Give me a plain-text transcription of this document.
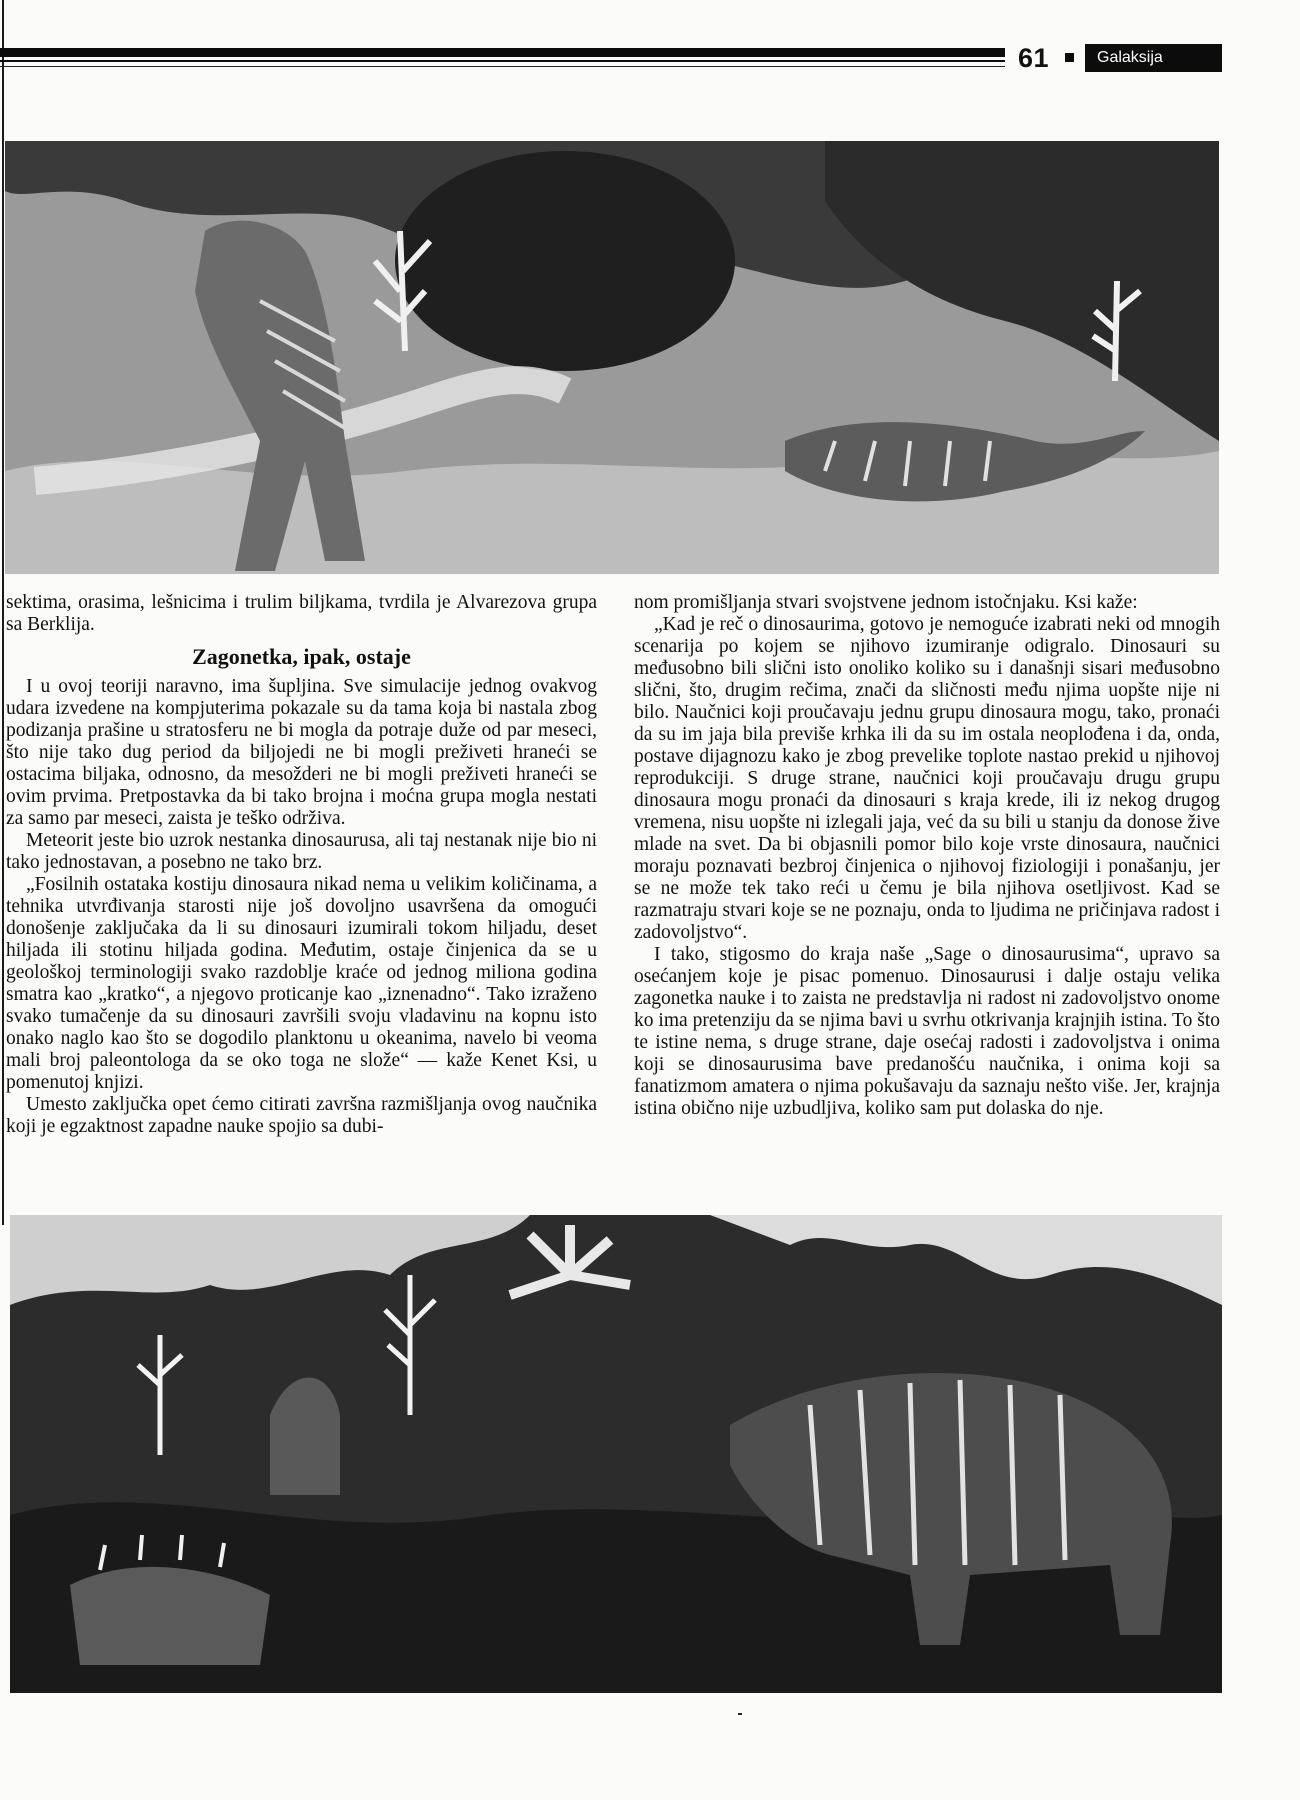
61	Galaksija

sektima, orasima, lešnicima i trulim biljkama, tvrdila je Alvarezova grupa sa Berklija.

Zagonetka, ipak, ostaje

I u ovoj teoriji naravno, ima šupljina. Sve simulacije jednog ovakvog udara izvedene na kompjuterima pokazale su da tama koja bi nastala zbog podizanja prašine u stratosferu ne bi mogla da potraje duže od par meseci, što nije tako dug period da biljojedi ne bi mogli preživeti hraneći se ostacima biljaka, odnosno, da mesožderi ne bi mogli preživeti hraneći se ovim prvima. Pretpostavka da bi tako brojna i moćna grupa mogla nestati za samo par meseci, zaista je teško održiva.

Meteorit jeste bio uzrok nestanka dinosaurusa, ali taj nestanak nije bio ni tako jednostavan, a posebno ne tako brz.

„Fosilnih ostataka kostiju dinosaura nikad nema u velikim količinama, a tehnika utvrđivanja starosti nije još dovoljno usavršena da omogući donošenje zaključaka da li su dinosauri izumirali tokom hiljadu, deset hiljada ili stotinu hiljada godina. Međutim, ostaje činjenica da se u geološkoj terminologiji svako razdoblje kraće od jednog miliona godina smatra kao „kratko“, a njegovo proticanje kao „iznenadno“. Tako izraženo svako tumačenje da su dinosauri završili svoju vladavinu na kopnu isto onako naglo kao što se dogodilo planktonu u okeanima, navelo bi veoma mali broj paleontologa da se oko toga ne slože“ — kaže Kenet Ksi, u pomenutoj knjizi.

Umesto zaključka opet ćemo citirati završna razmišljanja ovog naučnika koji je egzaktnost zapadne nauke spojio sa dubi-

nom promišljanja stvari svojstvene jednom istočnjaku. Ksi kaže:

„Kad je reč o dinosaurima, gotovo je nemoguće izabrati neki od mnogih scenarija po kojem se njihovo izumiranje odigralo. Dinosauri su međusobno bili slični isto onoliko koliko su i današnji sisari međusobno slični, što, drugim rečima, znači da sličnosti među njima uopšte nije ni bilo. Naučnici koji proučavaju jednu grupu dinosaura mogu, tako, pronaći da su im jaja bila previše krhka ili da su im ostala neoplođena i da, onda, postave dijagnozu kako je zbog prevelike toplote nastao prekid u njihovoj reprodukciji. S druge strane, naučnici koji proučavaju drugu grupu dinosaura mogu pronaći da dinosauri s kraja krede, ili iz nekog drugog vremena, nisu uopšte ni izlegali jaja, već da su bili u stanju da donose žive mlade na svet. Da bi objasnili pomor bilo koje vrste dinosaura, naučnici moraju poznavati bezbroj činjenica o njihovoj fiziologiji i ponašanju, jer se ne može tek tako reći u čemu je bila njihova osetljivost. Kad se razmatraju stvari koje se ne poznaju, onda to ljudima ne pričinjava radost i zadovoljstvo“.

I tako, stigosmo do kraja naše „Sage o dinosaurusima“, upravo sa osećanjem koje je pisac pomenuo. Dinosaurusi i dalje ostaju velika zagonetka nauke i to zaista ne predstavlja ni radost ni zadovoljstvo onome ko ima pretenziju da se njima bavi u svrhu otkrivanja krajnjih istina. To što te istine nema, s druge strane, daje osećaj radosti i zadovoljstva i onima koji se dinosaurusima bave predanošću naučnika, i onima koji sa fanatizmom amatera o njima pokušavaju da saznaju nešto više. Jer, krajnja istina obično nije uzbudljiva, koliko sam put dolaska do nje.
